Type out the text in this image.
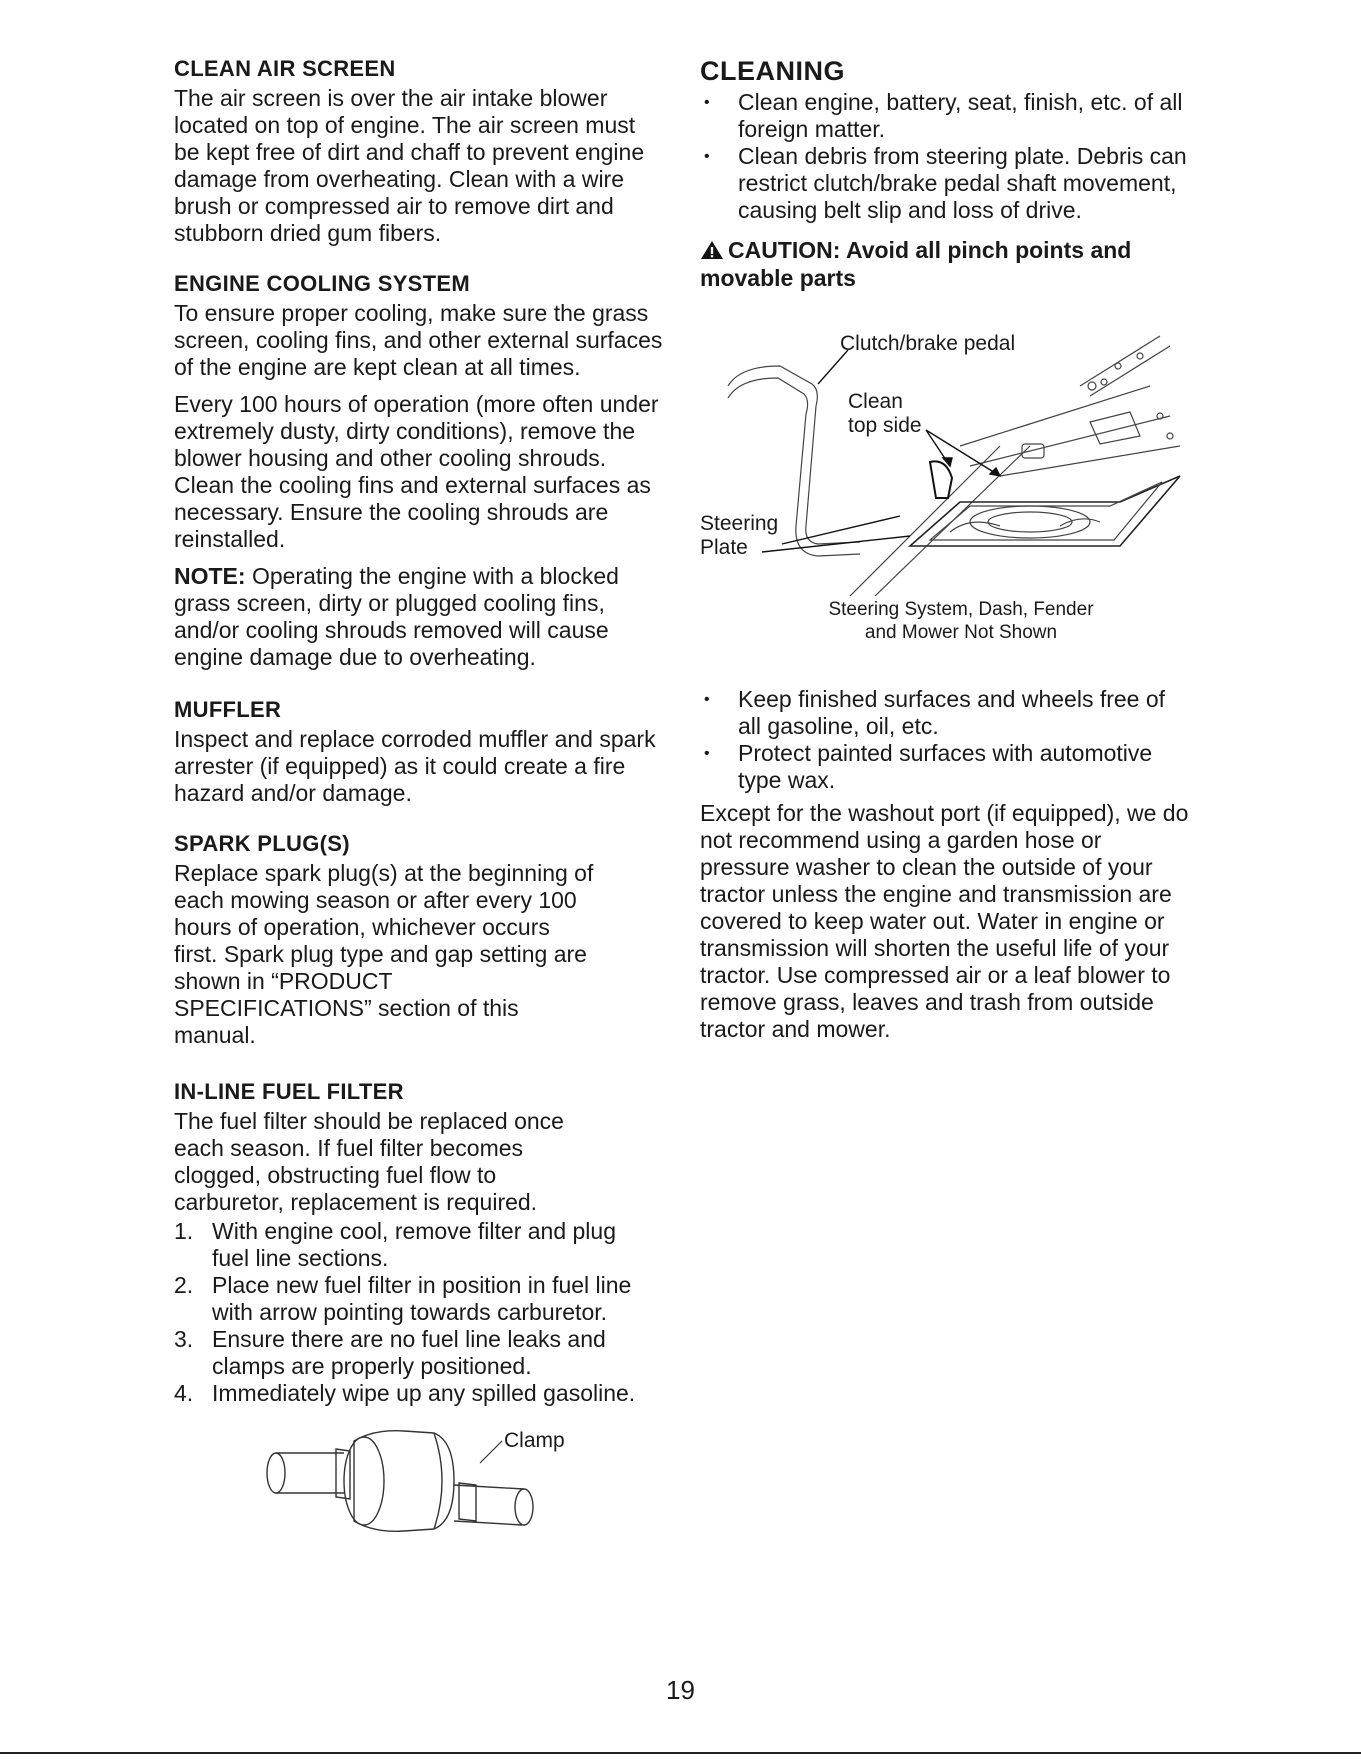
CLEAN AIR SCREEN

The air screen is over the air intake blower located on top of engine. The air screen must be kept free of dirt and chaff to prevent engine damage from overheating. Clean with a wire brush or compressed air to remove dirt and stubborn dried gum fibers.

ENGINE COOLING SYSTEM

To ensure proper cooling, make sure the grass screen, cooling fins, and other external surfaces of the engine are kept clean at all times.

Every 100 hours of operation (more often under extremely dusty, dirty conditions), remove the blower housing and other cooling shrouds. Clean the cooling fins and external surfaces as necessary. Ensure the cooling shrouds are reinstalled.

NOTE: Operating the engine with a blocked grass screen, dirty or plugged cooling fins, and/or cooling shrouds removed will cause engine damage due to overheating.

MUFFLER

Inspect and replace corroded muffler and spark arrester (if equipped) as it could create a fire hazard and/or damage.

SPARK PLUG(S)

Replace spark plug(s) at the beginning of each mowing season or after every 100 hours of operation, whichever occurs first. Spark plug type and gap setting are shown in “PRODUCT SPECIFICATIONS” section of this manual.

IN-LINE FUEL FILTER

The fuel filter should be replaced once each season. If fuel filter becomes clogged, obstructing fuel flow to carburetor, replacement is required.

1. With engine cool, remove filter and plug fuel line sections.
2. Place new fuel filter in position in fuel line with arrow pointing towards carburetor.
3. Ensure there are no fuel line leaks and clamps are properly positioned.
4. Immediately wipe up any spilled gasoline.
Clamp
CLEANING
• Clean engine, battery, seat, finish, etc. of all foreign matter.
• Clean debris from steering plate. Debris can restrict clutch/brake pedal shaft movement, causing belt slip and loss of drive.

CAUTION: Avoid all pinch points and movable parts

Clutch/brake pedal
Clean
top side
Steering
Plate
Steering System, Dash, Fender
and Mower Not Shown
• Keep finished surfaces and wheels free of all gasoline, oil, etc.
• Protect painted surfaces with automotive type wax.

Except for the washout port (if equipped), we do not recommend using a garden hose or pressure washer to clean the outside of your tractor unless the engine and transmission are covered to keep water out. Water in engine or transmission will shorten the useful life of your tractor. Use compressed air or a leaf blower to remove grass, leaves and trash from outside tractor and mower.

19
